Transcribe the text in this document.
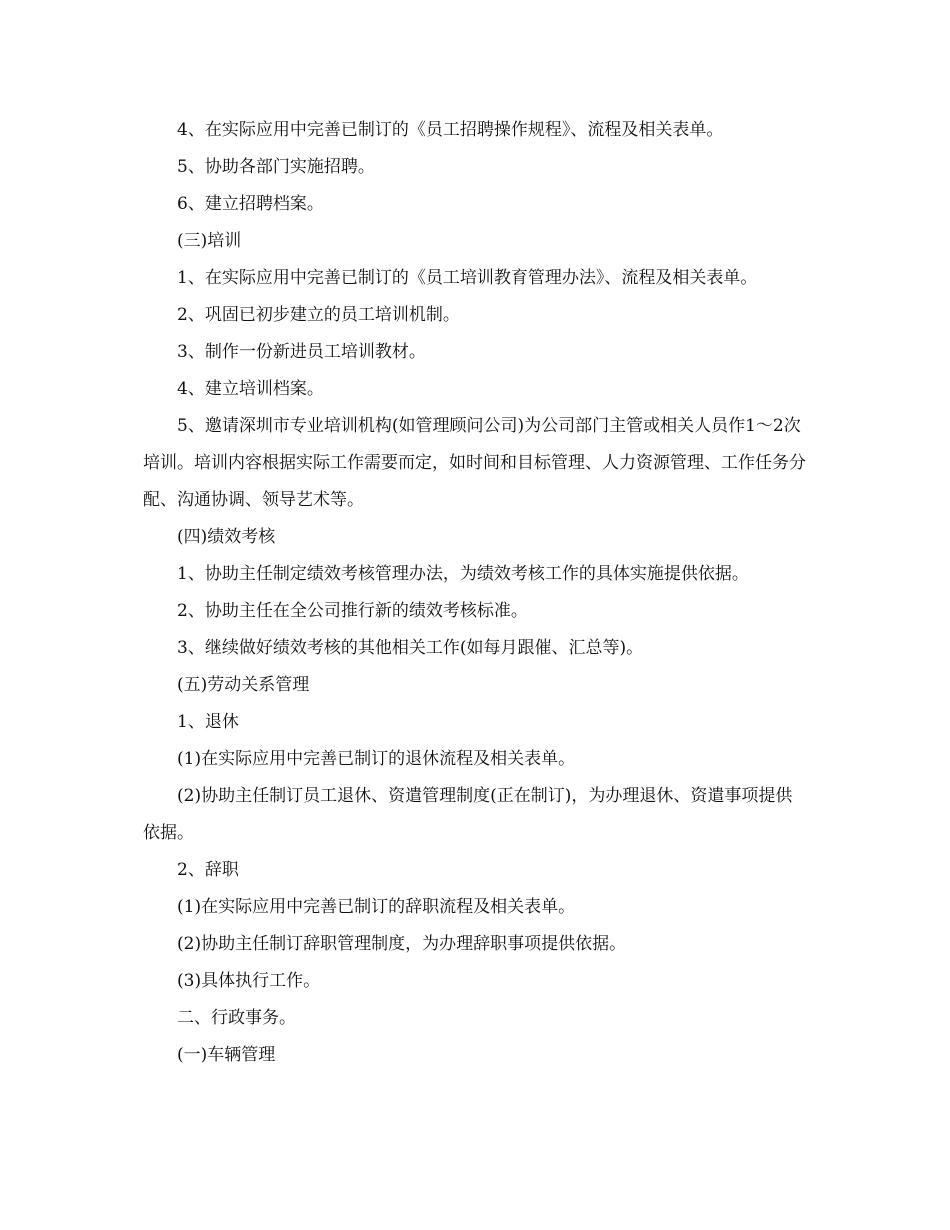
4、在实际应用中完善已制订的《员工招聘操作规程》、流程及相关表单。

5、协助各部门实施招聘。

6、建立招聘档案。

(三)培训

1、在实际应用中完善已制订的《员工培训教育管理办法》、流程及相关表单。

2、巩固已初步建立的员工培训机制。

3、制作一份新进员工培训教材。

4、建立培训档案。

5、邀请深圳市专业培训机构(如管理顾问公司)为公司部门主管或相关人员作1～2次培训。培训内容根据实际工作需要而定，如时间和目标管理、人力资源管理、工作任务分配、沟通协调、领导艺术等。

(四)绩效考核

1、协助主任制定绩效考核管理办法，为绩效考核工作的具体实施提供依据。

2、协助主任在全公司推行新的绩效考核标准。

3、继续做好绩效考核的其他相关工作(如每月跟催、汇总等)。

(五)劳动关系管理

1、退休

(1)在实际应用中完善已制订的退休流程及相关表单。

(2)协助主任制订员工退休、资遣管理制度(正在制订)，为办理退休、资遣事项提供依据。

2、辞职

(1)在实际应用中完善已制订的辞职流程及相关表单。

(2)协助主任制订辞职管理制度，为办理辞职事项提供依据。

(3)具体执行工作。

二、行政事务。

(一)车辆管理
